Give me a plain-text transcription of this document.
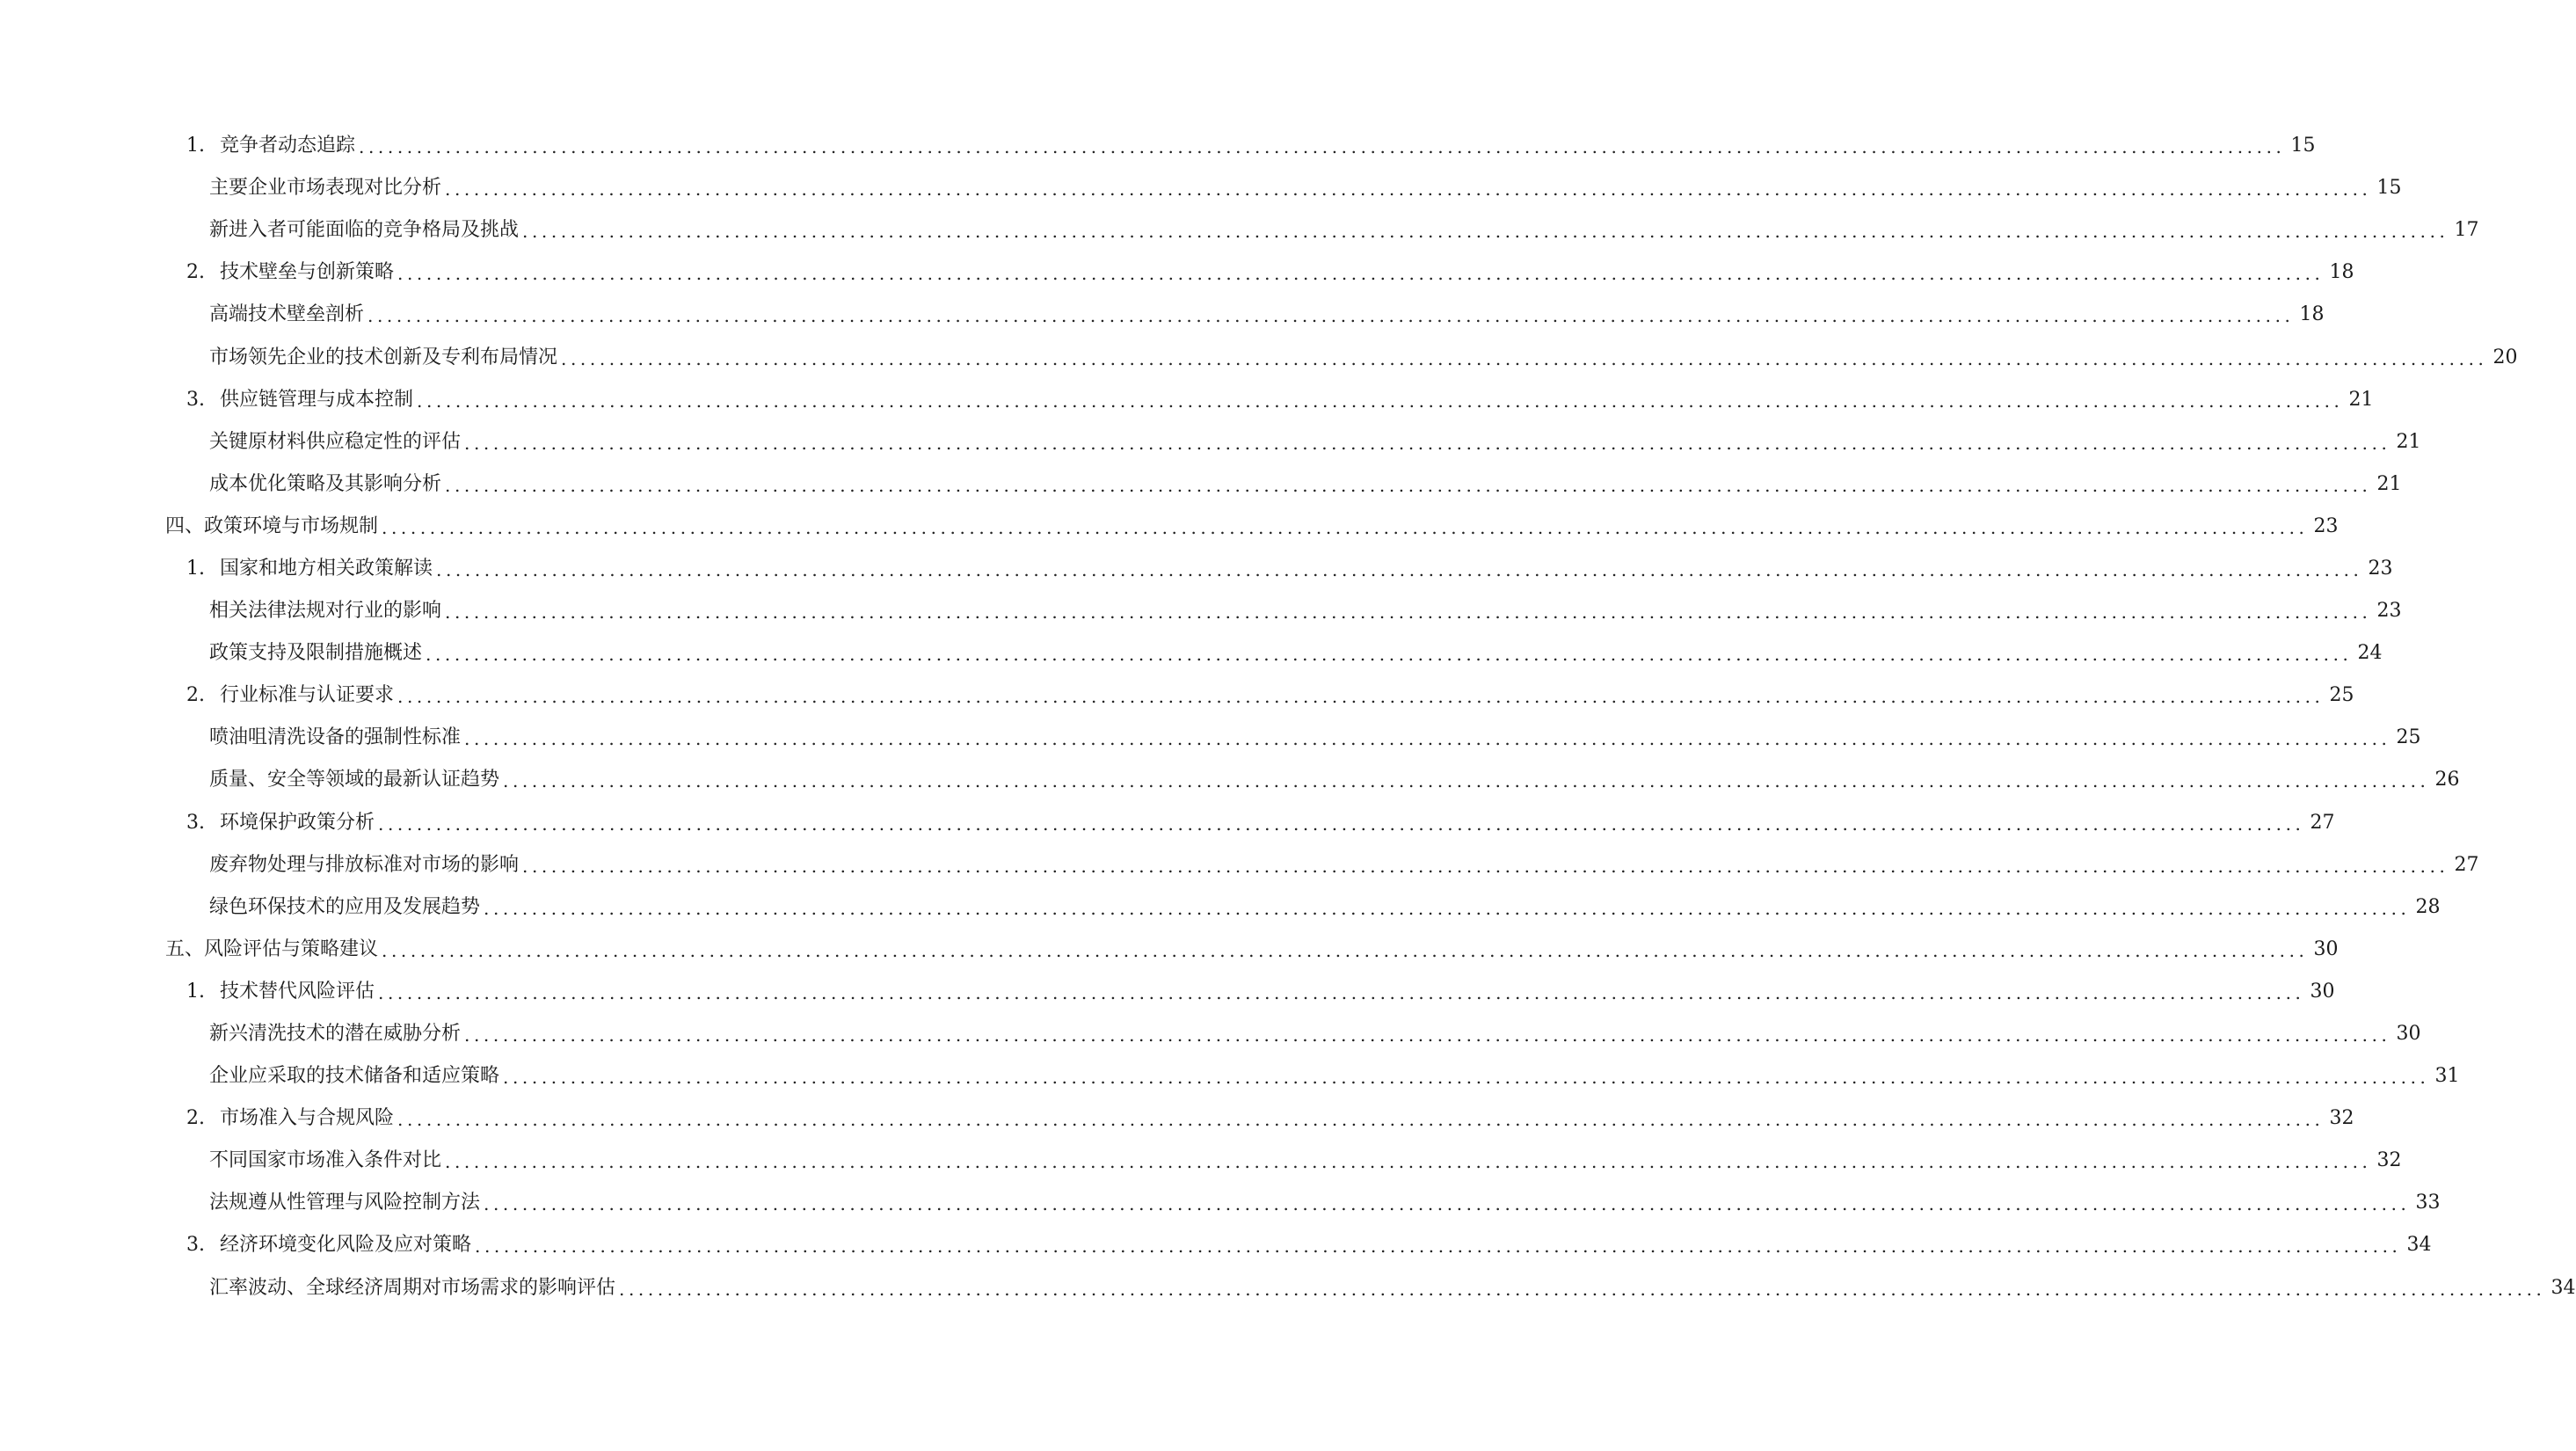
1. 竞争者动态追踪 ........................................................................................................................................................................................................ 15
主要企业市场表现对比分析 ........................................................................................................................................................................................................ 15
新进入者可能面临的竞争格局及挑战 ........................................................................................................................................................................................................ 17
2. 技术壁垒与创新策略 ........................................................................................................................................................................................................ 18
高端技术壁垒剖析 ........................................................................................................................................................................................................ 18
市场领先企业的技术创新及专利布局情况 ........................................................................................................................................................................................................ 20
3. 供应链管理与成本控制 ........................................................................................................................................................................................................ 21
关键原材料供应稳定性的评估 ........................................................................................................................................................................................................ 21
成本优化策略及其影响分析 ........................................................................................................................................................................................................ 21
四、政策环境与市场规制 ........................................................................................................................................................................................................ 23
1. 国家和地方相关政策解读 ........................................................................................................................................................................................................ 23
相关法律法规对行业的影响 ........................................................................................................................................................................................................ 23
政策支持及限制措施概述 ........................................................................................................................................................................................................ 24
2. 行业标准与认证要求 ........................................................................................................................................................................................................ 25
喷油咀清洗设备的强制性标准 ........................................................................................................................................................................................................ 25
质量、安全等领域的最新认证趋势 ........................................................................................................................................................................................................ 26
3. 环境保护政策分析 ........................................................................................................................................................................................................ 27
废弃物处理与排放标准对市场的影响 ........................................................................................................................................................................................................ 27
绿色环保技术的应用及发展趋势 ........................................................................................................................................................................................................ 28
五、风险评估与策略建议 ........................................................................................................................................................................................................ 30
1. 技术替代风险评估 ........................................................................................................................................................................................................ 30
新兴清洗技术的潜在威胁分析 ........................................................................................................................................................................................................ 30
企业应采取的技术储备和适应策略 ........................................................................................................................................................................................................ 31
2. 市场准入与合规风险 ........................................................................................................................................................................................................ 32
不同国家市场准入条件对比 ........................................................................................................................................................................................................ 32
法规遵从性管理与风险控制方法 ........................................................................................................................................................................................................ 33
3. 经济环境变化风险及应对策略 ........................................................................................................................................................................................................ 34
汇率波动、全球经济周期对市场需求的影响评估 ........................................................................................................................................................................................................ 34
